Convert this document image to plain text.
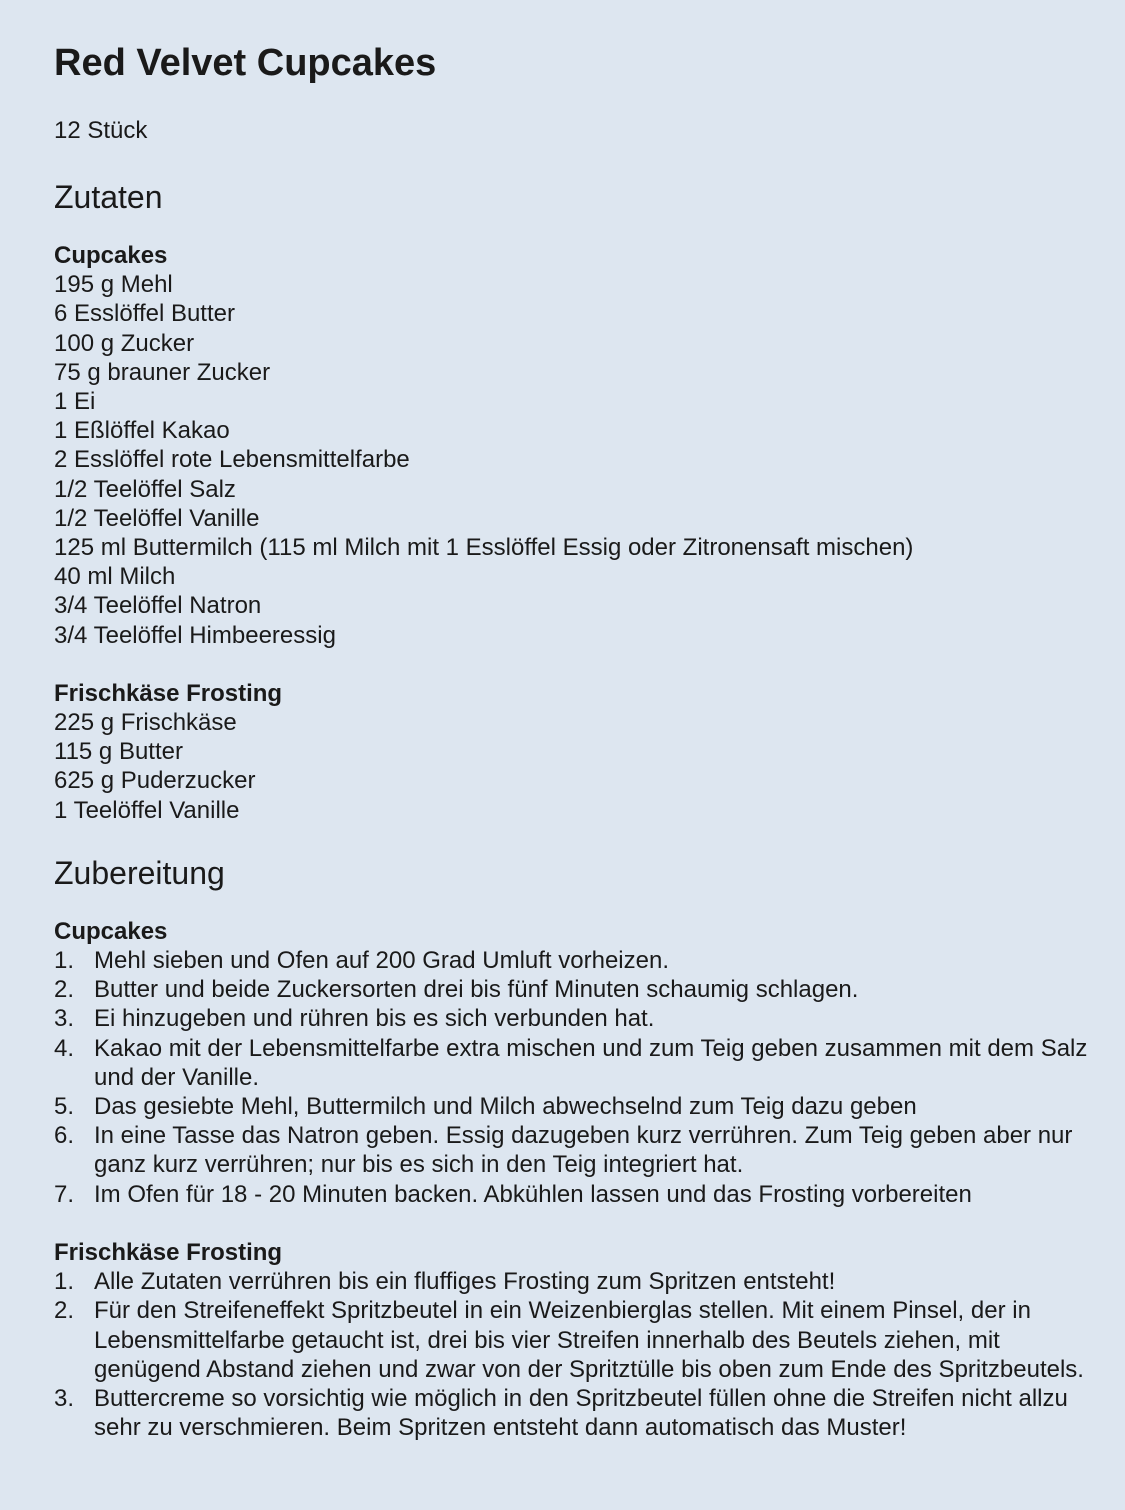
Red Velvet Cupcakes
12 Stück
Zutaten
Cupcakes
195 g Mehl
6 Esslöffel Butter
100 g Zucker
75 g brauner Zucker
1 Ei
1 Eßlöffel Kakao
2 Esslöffel rote Lebensmittelfarbe
1/2 Teelöffel Salz
1/2 Teelöffel Vanille
125 ml Buttermilch (115 ml Milch mit 1 Esslöffel Essig oder Zitronensaft mischen)
40 ml Milch
3/4 Teelöffel Natron
3/4 Teelöffel Himbeeressig
Frischkäse Frosting
225 g Frischkäse
115 g Butter
625 g Puderzucker
1 Teelöffel Vanille
Zubereitung
Cupcakes
1. Mehl sieben und Ofen auf 200 Grad Umluft vorheizen.
2. Butter und beide Zuckersorten drei bis fünf Minuten schaumig schlagen.
3. Ei hinzugeben und rühren bis es sich verbunden hat.
4. Kakao mit der Lebensmittelfarbe extra mischen und zum Teig geben zusammen mit dem Salz und der Vanille.
5. Das gesiebte Mehl, Buttermilch und Milch abwechselnd zum Teig dazu geben
6. In eine Tasse das Natron geben. Essig dazugeben kurz verrühren. Zum Teig geben aber nur ganz kurz verrühren; nur bis es sich in den Teig integriert hat.
7. Im Ofen für 18 - 20 Minuten backen. Abkühlen lassen und das Frosting vorbereiten
Frischkäse Frosting
1. Alle Zutaten verrühren bis ein fluffiges Frosting zum Spritzen entsteht!
2. Für den Streifeneffekt Spritzbeutel in ein Weizenbierglas stellen. Mit einem Pinsel, der in Lebensmittelfarbe getaucht ist, drei bis vier Streifen innerhalb des Beutels ziehen, mit genügend Abstand ziehen und zwar von der Spritztülle bis oben zum Ende des Spritzbeutels.
3. Buttercreme so vorsichtig wie möglich in den Spritzbeutel füllen ohne die Streifen nicht allzu sehr zu verschmieren. Beim Spritzen entsteht dann automatisch das Muster!
